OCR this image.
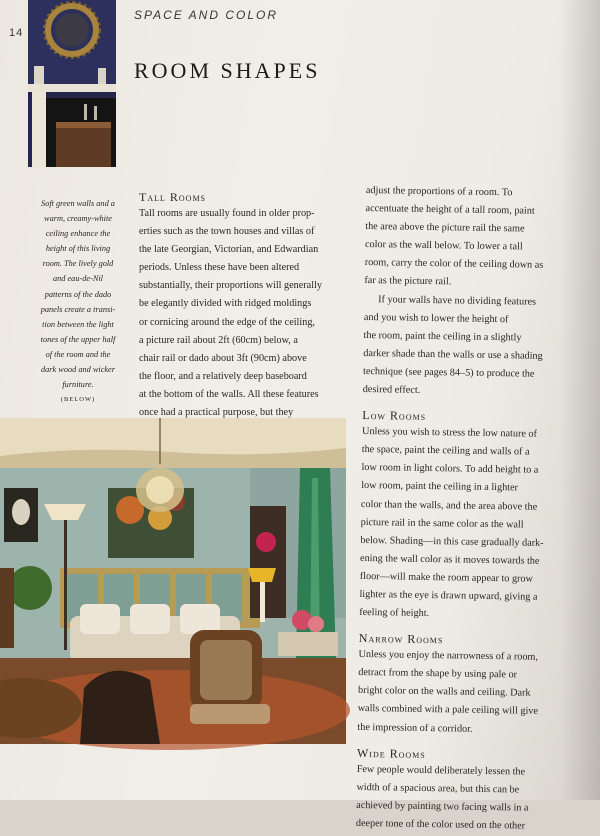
14
SPACE AND COLOR
ROOM SHAPES
Soft green walls and a
warm, creamy-white
ceiling enhance the
height of this living
room. The lively gold
and eau-de-Nil
patterns of the dado
panels create a transi-
tion between the light
tones of the upper half
of the room and the
dark wood and wicker
furniture.
(BELOW)
Tall Rooms
Tall rooms are usually found in older prop-
erties such as the town houses and villas of
the late Georgian, Victorian, and Edwardian
periods. Unless these have been altered
substantially, their proportions will generally
be elegantly divided with ridged moldings
or cornicing around the edge of the ceiling,
a picture rail about 2ft (60cm) below, a
chair rail or dado about 3ft (90cm) above
the floor, and a relatively deep baseboard
at the bottom of the walls. All these features
once had a practical purpose, but they
adjust the proportions of a room. To
accentuate the height of a tall room, paint
the area above the picture rail the same
color as the wall below. To lower a tall
room, carry the color of the ceiling down as
far as the picture rail.
If your walls have no dividing features
and you wish to lower the height of
the room, paint the ceiling in a slightly
darker shade than the walls or use a shading
technique (see pages 84–5) to produce the
desired effect.
Low Rooms
Unless you wish to stress the low nature of
the space, paint the ceiling and walls of a
low room in light colors. To add height to a
low room, paint the ceiling in a lighter
color than the walls, and the area above the
picture rail in the same color as the wall
below. Shading—in this case gradually dark-
ening the wall color as it moves towards the
floor—will make the room appear to grow
lighter as the eye is drawn upward, giving a
feeling of height.
Narrow Rooms
Unless you enjoy the narrowness of a room,
detract from the shape by using pale or
bright color on the walls and ceiling. Dark
walls combined with a pale ceiling will give
the impression of a corridor.
Wide Rooms
Few people would deliberately lessen the
width of a spacious area, but this can be
achieved by painting two facing walls in a
deeper tone of the color used on the other
